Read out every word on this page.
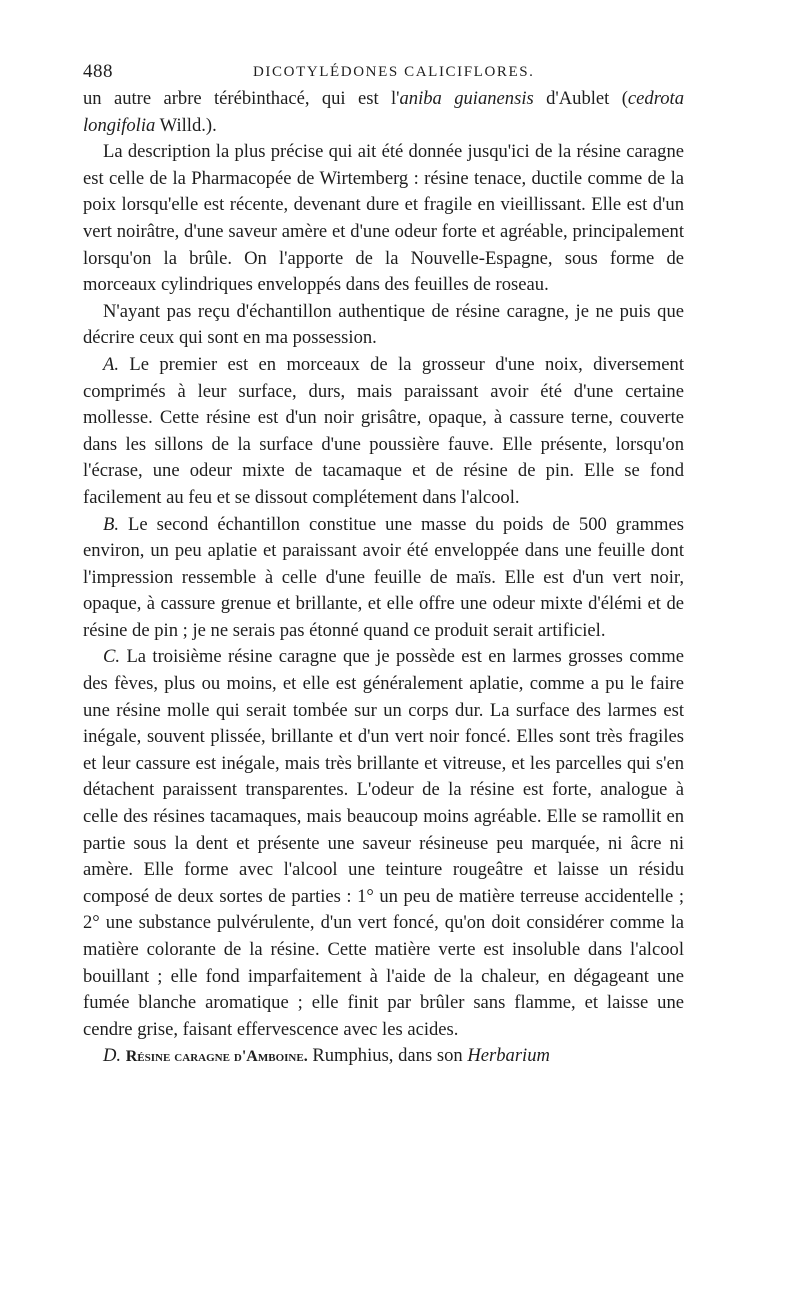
488	DICOTYLÉDONES CALICIFLORES.

un autre arbre térébinthacé, qui est l'aniba guianensis d'Aublet (cedrota longifolia Willd.).

La description la plus précise qui ait été donnée jusqu'ici de la résine caragne est celle de la Pharmacopée de Wirtemberg : résine tenace, ductile comme de la poix lorsqu'elle est récente, devenant dure et fragile en vieillissant. Elle est d'un vert noirâtre, d'une saveur amère et d'une odeur forte et agréable, principalement lorsqu'on la brûle. On l'apporte de la Nouvelle-Espagne, sous forme de morceaux cylindriques enveloppés dans des feuilles de roseau.

N'ayant pas reçu d'échantillon authentique de résine caragne, je ne puis que décrire ceux qui sont en ma possession.

A. Le premier est en morceaux de la grosseur d'une noix, diversement comprimés à leur surface, durs, mais paraissant avoir été d'une certaine mollesse. Cette résine est d'un noir grisâtre, opaque, à cassure terne, couverte dans les sillons de la surface d'une poussière fauve. Elle présente, lorsqu'on l'écrase, une odeur mixte de tacamaque et de résine de pin. Elle se fond facilement au feu et se dissout complétement dans l'alcool.

B. Le second échantillon constitue une masse du poids de 500 grammes environ, un peu aplatie et paraissant avoir été enveloppée dans une feuille dont l'impression ressemble à celle d'une feuille de maïs. Elle est d'un vert noir, opaque, à cassure grenue et brillante, et elle offre une odeur mixte d'élémi et de résine de pin ; je ne serais pas étonné quand ce produit serait artificiel.

C. La troisième résine caragne que je possède est en larmes grosses comme des fèves, plus ou moins, et elle est généralement aplatie, comme a pu le faire une résine molle qui serait tombée sur un corps dur. La surface des larmes est inégale, souvent plissée, brillante et d'un vert noir foncé. Elles sont très fragiles et leur cassure est inégale, mais très brillante et vitreuse, et les parcelles qui s'en détachent paraissent transparentes. L'odeur de la résine est forte, analogue à celle des résines tacamaques, mais beaucoup moins agréable. Elle se ramollit en partie sous la dent et présente une saveur résineuse peu marquée, ni âcre ni amère. Elle forme avec l'alcool une teinture rougeâtre et laisse un résidu composé de deux sortes de parties : 1° un peu de matière terreuse accidentelle ; 2° une substance pulvérulente, d'un vert foncé, qu'on doit considérer comme la matière colorante de la résine. Cette matière verte est insoluble dans l'alcool bouillant ; elle fond imparfaitement à l'aide de la chaleur, en dégageant une fumée blanche aromatique ; elle finit par brûler sans flamme, et laisse une cendre grise, faisant effervescence avec les acides.

D. Résine caragne d'Amboine. Rumphius, dans son Herbarium
